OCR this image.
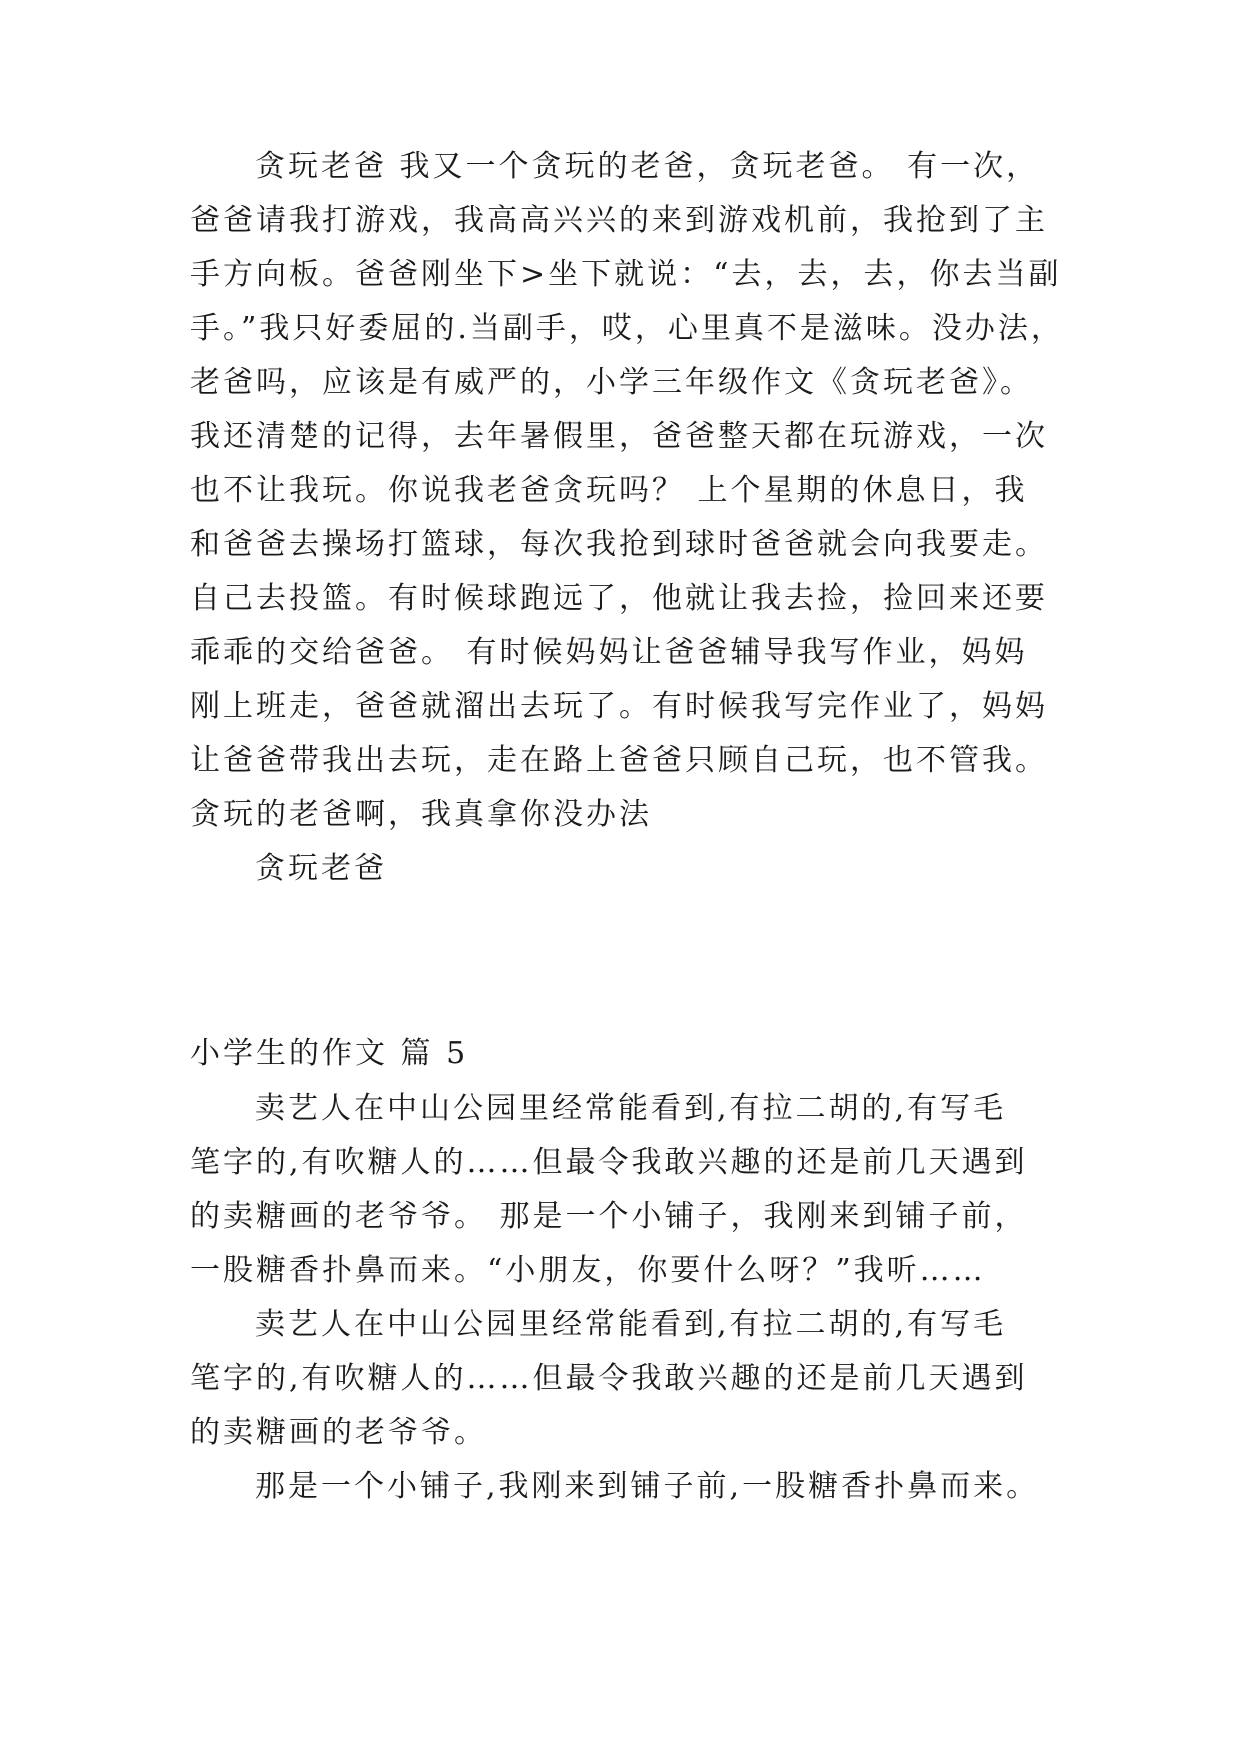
贪玩老爸 我又一个贪玩的老爸，贪玩老爸。 有一次，
爸爸请我打游戏，我高高兴兴的来到游戏机前，我抢到了主
手方向板。爸爸刚坐下>坐下就说：“去，去，去，你去当副
手。”我只好委屈的.当副手，哎，心里真不是滋味。没办法，
老爸吗，应该是有威严的，小学三年级作文《贪玩老爸》。
我还清楚的记得，去年暑假里，爸爸整天都在玩游戏，一次
也不让我玩。你说我老爸贪玩吗？ 上个星期的休息日，我
和爸爸去操场打篮球，每次我抢到球时爸爸就会向我要走。
自己去投篮。有时候球跑远了，他就让我去捡，捡回来还要
乖乖的交给爸爸。 有时候妈妈让爸爸辅导我写作业，妈妈
刚上班走，爸爸就溜出去玩了。有时候我写完作业了，妈妈
让爸爸带我出去玩，走在路上爸爸只顾自己玩，也不管我。
贪玩的老爸啊，我真拿你没办法
贪玩老爸
小学生的作文 篇 5
卖艺人在中山公园里经常能看到,有拉二胡的,有写毛
笔字的,有吹糖人的……但最令我敢兴趣的还是前几天遇到
的卖糖画的老爷爷。 那是一个小铺子，我刚来到铺子前，
一股糖香扑鼻而来。“小朋友，你要什么呀？”我听……
卖艺人在中山公园里经常能看到,有拉二胡的,有写毛
笔字的,有吹糖人的……但最令我敢兴趣的还是前几天遇到
的卖糖画的老爷爷。
那是一个小铺子,我刚来到铺子前,一股糖香扑鼻而来。
